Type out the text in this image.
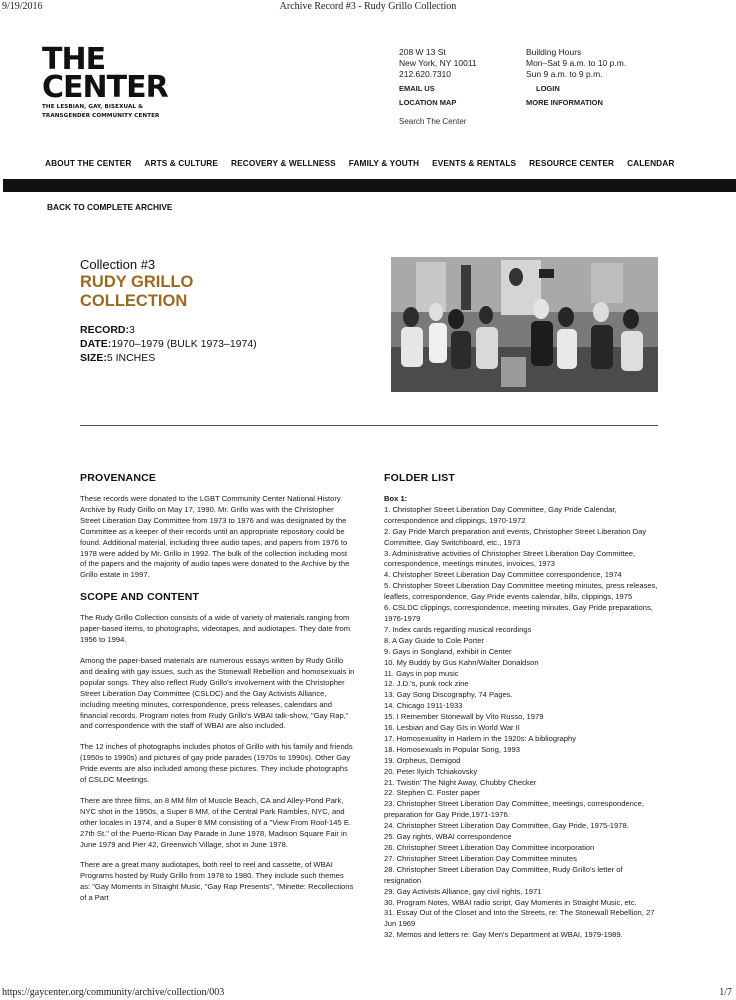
9/19/2016	Archive Record #3 - Rudy Grillo Collection
THE
CENTER
THE LESBIAN, GAY, BISEXUAL &
TRANSGENDER COMMUNITY CENTER
208 W 13 St
New York, NY 10011
212.620.7310
EMAIL US
LOCATION MAP
Building Hours
Mon–Sat 9 a.m. to 10 p.m.
Sun 9 a.m. to 9 p.m.
LOGIN
MORE INFORMATION
Search The Center
ABOUT THE CENTER ARTS & CULTURE RECOVERY & WELLNESS FAMILY & YOUTH EVENTS & RENTALS RESOURCE CENTER CALENDAR
BACK TO COMPLETE ARCHIVE
Collection #3
RUDY GRILLO
COLLECTION
RECORD:3
DATE:1970–1979 (BULK 1973–1974)
SIZE:5 INCHES
PROVENANCE

These records were donated to the LGBT Community Center National History Archive by Rudy Grillo on May 17, 1990. Mr. Grillo was with the Christopher Street Liberation Day Committee from 1973 to 1976 and was designated by the Committee as a keeper of their records until an appropriate repository could be found. Additional material, including three audio tapes, and papers from 1976 to 1978 were added by Mr. Grillo in 1992. The bulk of the collection including most of the papers and the majority of audio tapes were donated to the Archive by the Grillo estate in 1997.

SCOPE AND CONTENT

The Rudy Grillo Collection consists of a wide of variety of materials ranging from paper-based items, to photographs, videotapes, and audiotapes. They date from 1956 to 1994.

Among the paper-based materials are numerous essays written by Rudy Grillo and dealing with gay issues, such as the Stonewall Rebellion and homosexuals in popular songs. They also reflect Rudy Grillo's involvement with the Christopher Street Liberation Day Committee (CSLDC) and the Gay Activists Alliance, including meeting minutes, correspondence, press releases, calendars and financial records. Program notes from Rudy Grillo's WBAI talk-show, "Gay Rap," and correspondence with the staff of WBAI are also included.

The 12 inches of photographs includes photos of Grillo with his family and friends (1950s to 1990s) and pictures of gay pride parades (1970s to 1990s). Other Gay Pride events are also included among these pictures. They include photographs of CSLDC Meetings.

There are three films, an 8 MM film of Muscle Beach, CA and Alley-Pond Park, NYC shot in the 1950s, a Super 8 MM, of the Central Park Rambles, NYC, and other locales in 1974, and a Super 8 MM consisting of a "View From Roof-145 E. 27th St." of the Puerto-Rican Day Parade in June 1978, Madison Square Fair in June 1979 and Pier 42, Greenwich Village, shot in June 1978.

There are a great many audiotapes, both reel to reel and cassette, of WBAI Programs hosted by Rudy Grillo from 1978 to 1980. They include such themes as: "Gay Moments in Straight Music, "Gay Rap Presents", "Minette: Recollections of a Part

FOLDER LIST
Box 1:
1. Christopher Street Liberation Day Committee, Gay Pride Calendar, correspondence and clippings, 1970-1972
2. Gay Pride March preparation and events, Christopher Street Liberation Day Committee, Gay Switchboard, etc., 1973
3. Administrative activities of Christopher Street Liberation Day Committee, correspondence, meetings minutes, invoices, 1973
4. Christopher Street Liberation Day Committee correspondence, 1974
5. Christopher Street Liberation Day Committee meeting minutes, press releases, leaflets, correspondence, Gay Pride events calendar, bills, clippings, 1975
6. CSLDC clippings, correspondence, meeting minutes, Gay Pride preparations, 1976-1979
7. Index cards regarding musical recordings
8. A Gay Guide to Cole Porter
9. Gays in Songland, exhibit in Center
10. My Buddy by Gus Kahn/Walter Donaldson
11. Gays in pop music
12. J.D.'s, punk rock zine
13. Gay Song Discography, 74 Pages.
14. Chicago 1911-1933
15. I Remember Stonewall by Vito Russo, 1979
16. Lesbian and Gay GIs in World War II
17. Homosexuality in Harlem in the 1920s: A bibliography
18. Homosexuals in Popular Song, 1993
19. Orpheus, Demigod
20. Peter Ilyich Tchiakovsky
21. Twistin' The Night Away, Chubby Checker
22. Stephen C. Foster paper
23. Christopher Street Liberation Day Committee, meetings, correspondence, preparation for Gay Pride,1971-1976.
24. Christopher Street Liberation Day Committee, Gay Pride, 1975-1978.
25. Gay rights, WBAI correspondence
26. Christopher Street Liberation Day Committee incorporation
27. Christopher Street Liberation Day Committee minutes
28. Christopher Street Liberation Day Committee, Rudy Grillo's letter of resignation
29. Gay Activists Alliance, gay civil rights, 1971
30. Program Notes, WBAI radio script, Gay Moments in Straight Music, etc.
31. Essay Out of the Closet and Into the Streets, re: The Stonewall Rebellion, 27 Jun 1969
32. Memos and letters re: Gay Men's Department at WBAI, 1979-1989.
https://gaycenter.org/community/archive/collection/003	1/7
